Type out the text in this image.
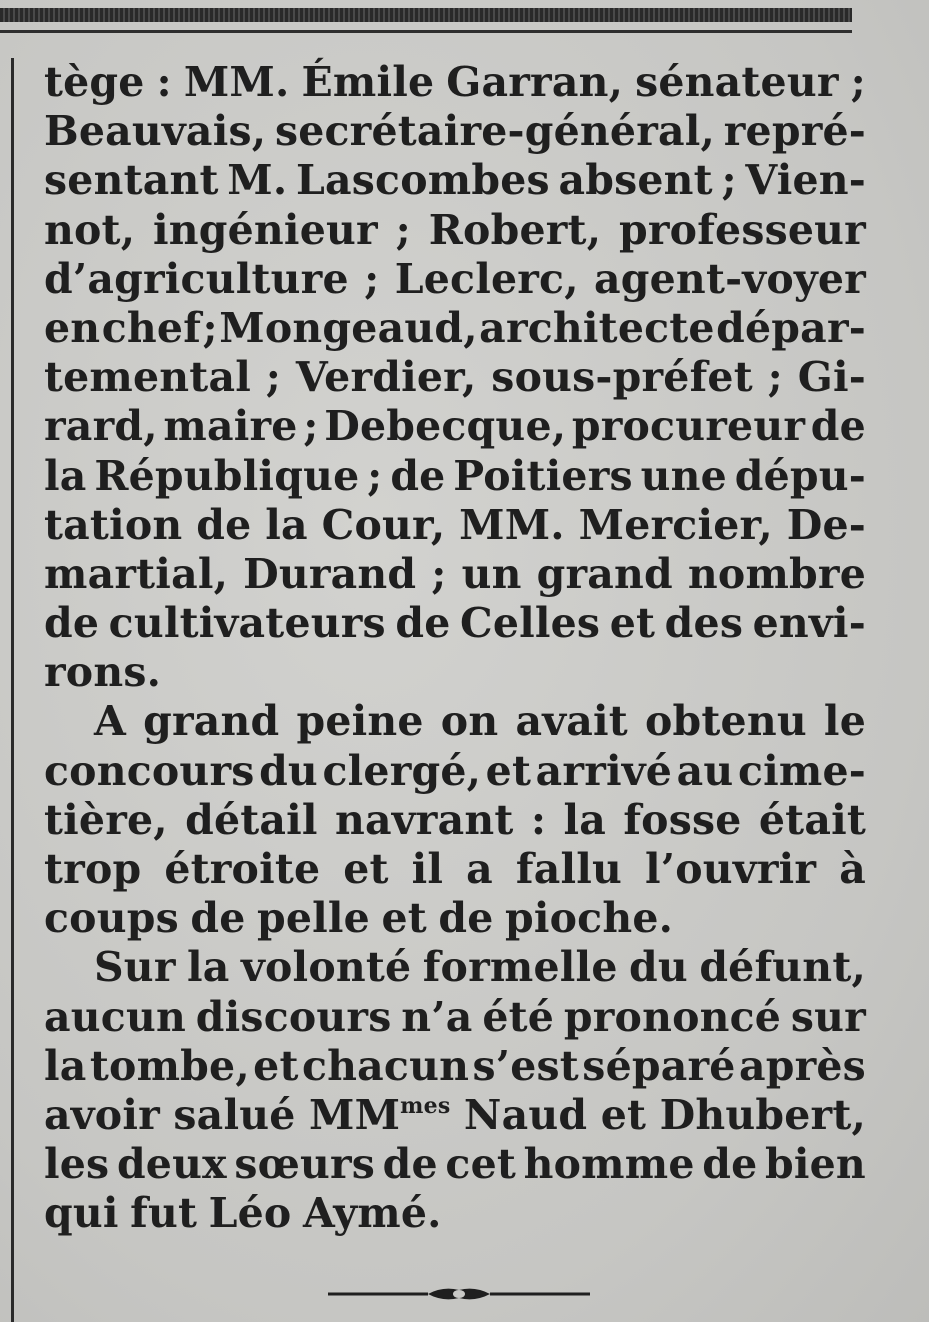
tège : MM. Émile Garran, sénateur ;
Beauvais, secrétaire-général, repré-
sentant M. Lascombes absent ; Vien-
not, ingénieur ; Robert, professeur
d’agriculture ; Leclerc, agent-voyer
en chef ; Mongeaud, architecte dépar-
temental ; Verdier, sous-préfet ; Gi-
rard, maire ; Debecque, procureur de
la République ; de Poitiers une dépu-
tation de la Cour, MM. Mercier, De-
martial, Durand ; un grand nombre
de cultivateurs de Celles et des envi-
rons.
A grand peine on avait obtenu le
concours du clergé, et arrivé au cime-
tière, détail navrant : la fosse était
trop étroite et il a fallu l’ouvrir à
coups de pelle et de pioche.
Sur la volonté formelle du défunt,
aucun discours n’a été prononcé sur
la tombe, et chacun s’est séparé après
avoir salué $MM^{mes}$ Naud et Dhubert,
les deux sœurs de cet homme de bien
qui fut Léo Aymé.
